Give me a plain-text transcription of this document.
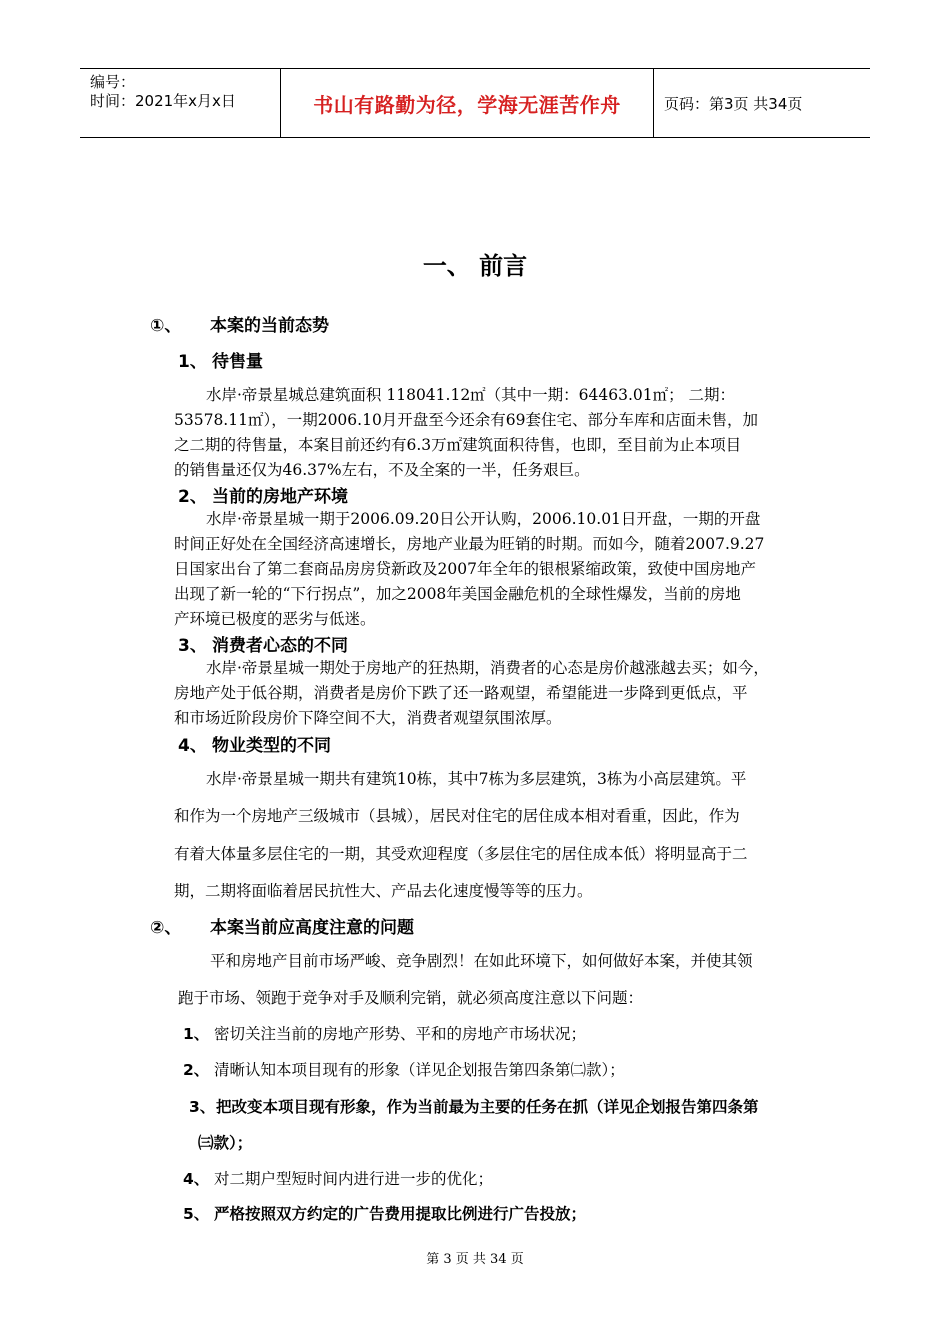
编号：
时间：2021年x月x日	书山有路勤为径，学海无涯苦作舟	页码：第3页 共34页
一、 前言
①、 本案的当前态势
1、 待售量
水岸·帝景星城总建筑面积 118041.12㎡（其中一期：64463.01㎡； 二期：
53578.11㎡），一期2006.10月开盘至今还余有69套住宅、部分车库和店面未售，加
之二期的待售量，本案目前还约有6.3万㎡建筑面积待售，也即，至目前为止本项目
的销售量还仅为46.37%左右，不及全案的一半，任务艰巨。
2、 当前的房地产环境
水岸·帝景星城一期于2006.09.20日公开认购，2006.10.01日开盘，一期的开盘
时间正好处在全国经济高速增长，房地产业最为旺销的时期。而如今，随着2007.9.27
日国家出台了第二套商品房房贷新政及2007年全年的银根紧缩政策，致使中国房地产
出现了新一轮的“下行拐点”，加之2008年美国金融危机的全球性爆发，当前的房地
产环境已极度的恶劣与低迷。
3、 消费者心态的不同
水岸·帝景星城一期处于房地产的狂热期，消费者的心态是房价越涨越去买；如今，
房地产处于低谷期，消费者是房价下跌了还一路观望，希望能进一步降到更低点，平
和市场近阶段房价下降空间不大，消费者观望氛围浓厚。
4、 物业类型的不同
水岸·帝景星城一期共有建筑10栋，其中7栋为多层建筑，3栋为小高层建筑。平
和作为一个房地产三级城市（县城），居民对住宅的居住成本相对看重，因此，作为
有着大体量多层住宅的一期，其受欢迎程度（多层住宅的居住成本低）将明显高于二
期，二期将面临着居民抗性大、产品去化速度慢等等的压力。
②、 本案当前应高度注意的问题
平和房地产目前市场严峻、竞争剧烈！在如此环境下，如何做好本案，并使其领
跑于市场、领跑于竞争对手及顺利完销，就必须高度注意以下问题：
1、 密切关注当前的房地产形势、平和的房地产市场状况；
2、 清晰认知本项目现有的形象（详见企划报告第四条第㈡款）；
3、 把改变本项目现有形象，作为当前最为主要的任务在抓（详见企划报告第四条第
㈢款）；
4、 对二期户型短时间内进行进一步的优化；
5、 严格按照双方约定的广告费用提取比例进行广告投放；
第 3 页 共 34 页
